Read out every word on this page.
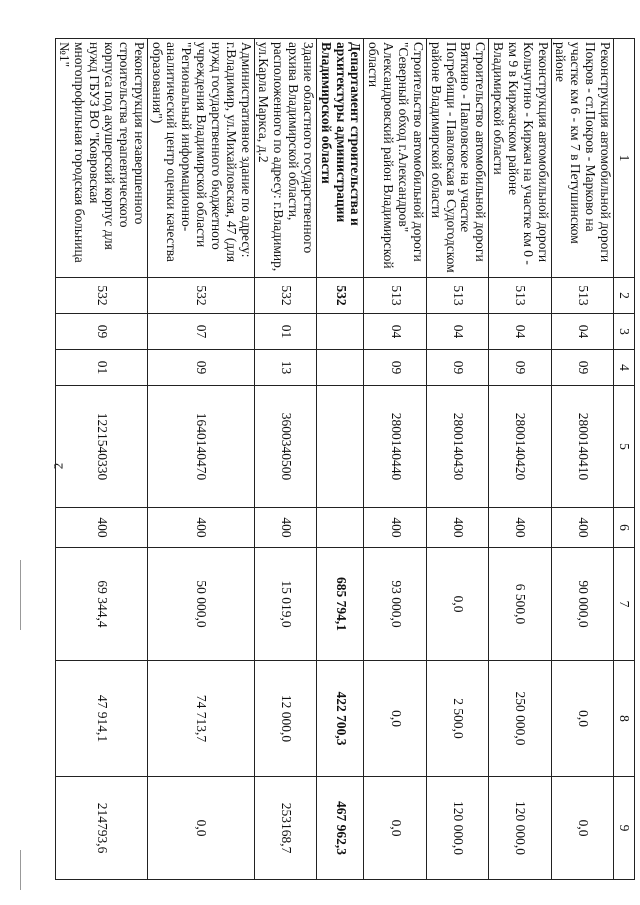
2
1	2	3	4	5	6	7	8	9
Реконструкция автомобильной дороги Покров - ст.Покров - Марково на участке км 6 - км 7 в Петушинском районе	513	04	09	2800140410	400	90 000,0	0,0	0,0
Реконструкция автомобильной дороги Кольчугино - Киржач на участке км 0 - км 9 в Киржачском районе Владимирской области	513	04	09	2800140420	400	6 500,0	250 000,0	120 000,0
Строительство автомобильной дороги Вяткино - Павловское на участке Погребищи - Павловская в Судогодском районе Владимирской области	513	04	09	2800140430	400	0,0	2 500,0	120 000,0
Строительство автомобильной дороги "Северный обход г.Александров" Александровский район Владимирской области	513	04	09	2800140440	400	93 000,0	0,0	0,0
Департамент строительства и архитектуры администрации Владимирской области	532					685 794,1	422 700,3	467 962,3
Здание областного государственного архива Владимирской области, расположенного по адресу: г.Владимир, ул.Карла Маркса, д.2	532	01	13	3600340500	400	15 019,0	12 000,0	253168,7
Административное здание по адресу: г.Владимир, ул.Михайловская, 47 (для нужд государственного бюджетного учреждения Владимирской области "Региональный информационно-аналитический центр оценки качества образования")	532	07	09	1640140470	400	50 000,0	74 713,7	0,0
Реконструкция незавершенного строительства терапевтического корпуса под акушерский корпус для нужд ГБУЗ ВО "Ковровская многопрофильная городская больница №1"	532	09	01	1221540330	400	69 344,4	47 914,1	214793,6
